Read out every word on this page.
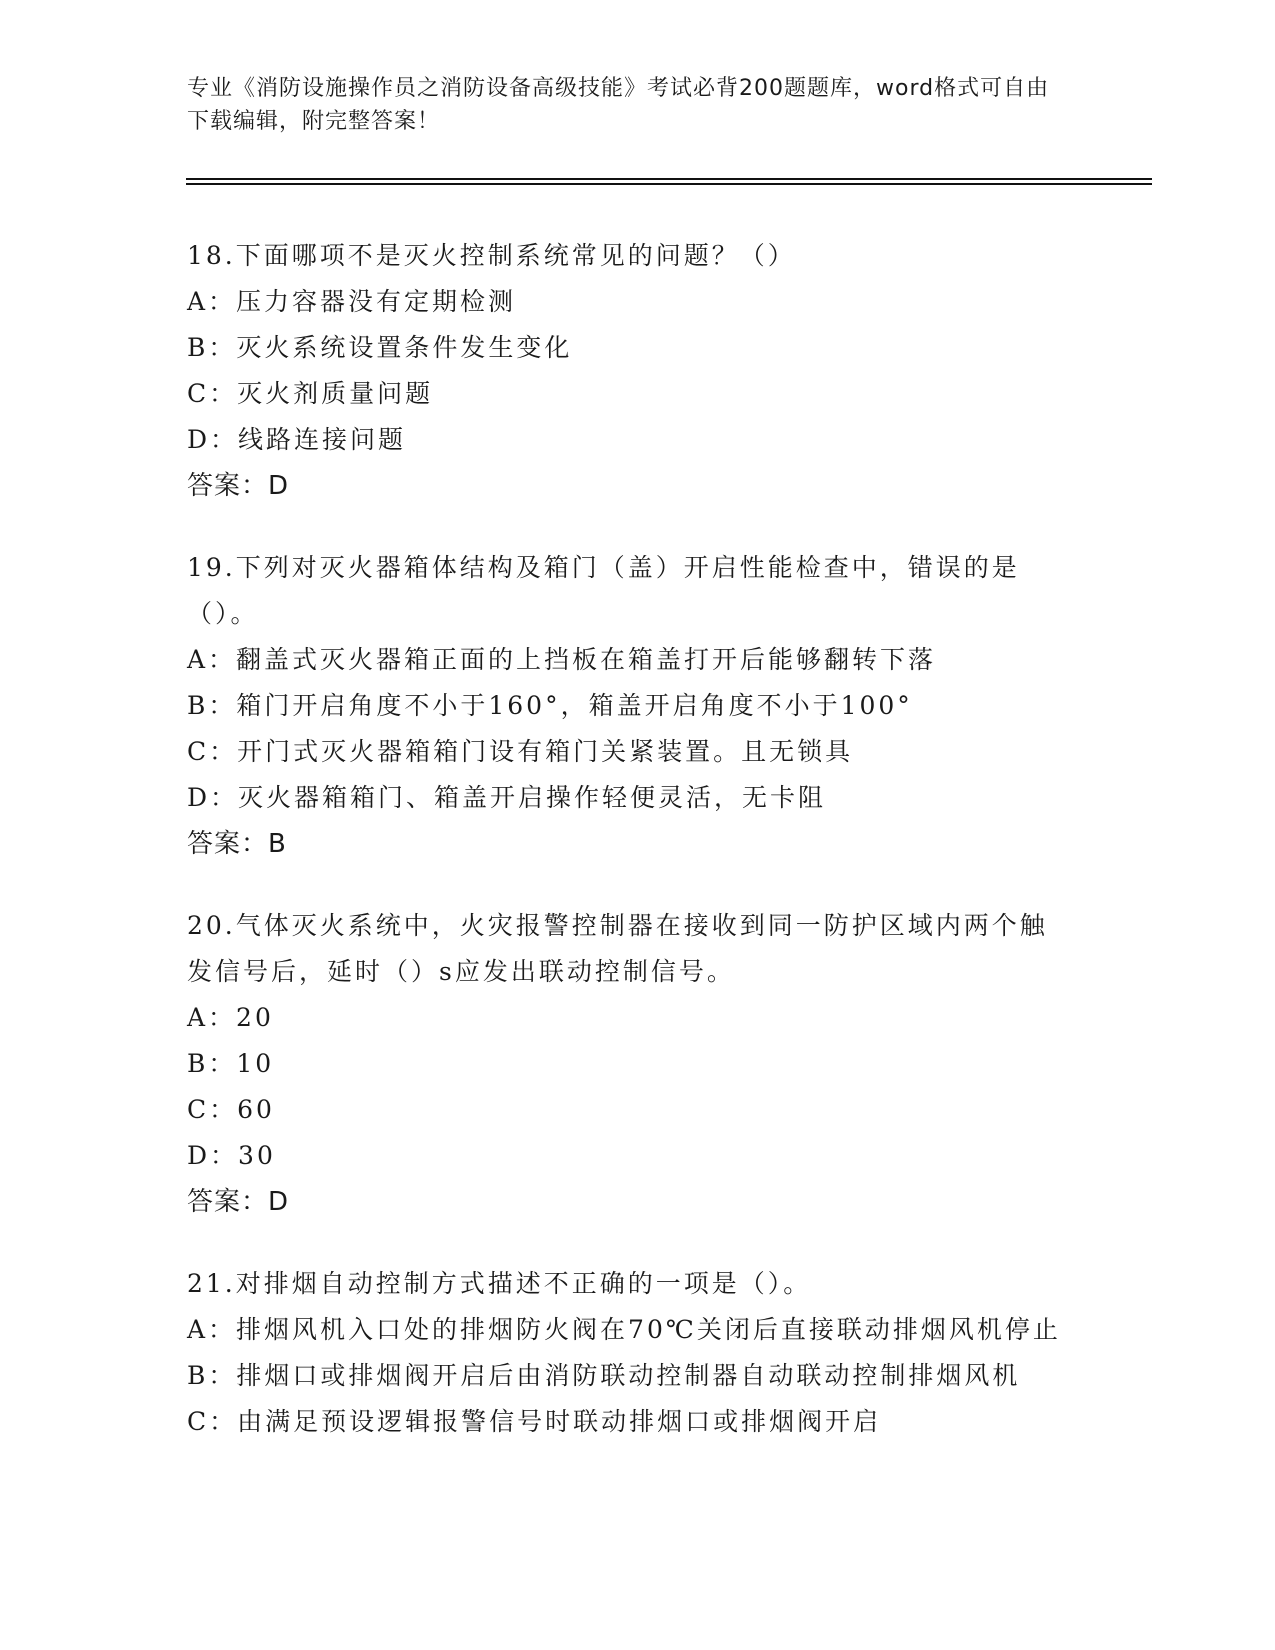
专业《消防设施操作员之消防设备高级技能》考试必背200题题库，word格式可自由下载编辑，附完整答案！
18.下面哪项不是灭火控制系统常见的问题？（）
A：压力容器没有定期检测
B：灭火系统设置条件发生变化
C：灭火剂质量问题
D：线路连接问题
答案：D
19.下列对灭火器箱体结构及箱门（盖）开启性能检查中，错误的是（）。
A：翻盖式灭火器箱正面的上挡板在箱盖打开后能够翻转下落
B：箱门开启角度不小于160°，箱盖开启角度不小于100°
C：开门式灭火器箱箱门设有箱门关紧装置。且无锁具
D：灭火器箱箱门、箱盖开启操作轻便灵活，无卡阻
答案：B
20.气体灭火系统中，火灾报警控制器在接收到同一防护区域内两个触发信号后，延时（）s应发出联动控制信号。
A：20
B：10
C：60
D：30
答案：D
21.对排烟自动控制方式描述不正确的一项是（）。
A：排烟风机入口处的排烟防火阀在70℃关闭后直接联动排烟风机停止
B：排烟口或排烟阀开启后由消防联动控制器自动联动控制排烟风机
C：由满足预设逻辑报警信号时联动排烟口或排烟阀开启
